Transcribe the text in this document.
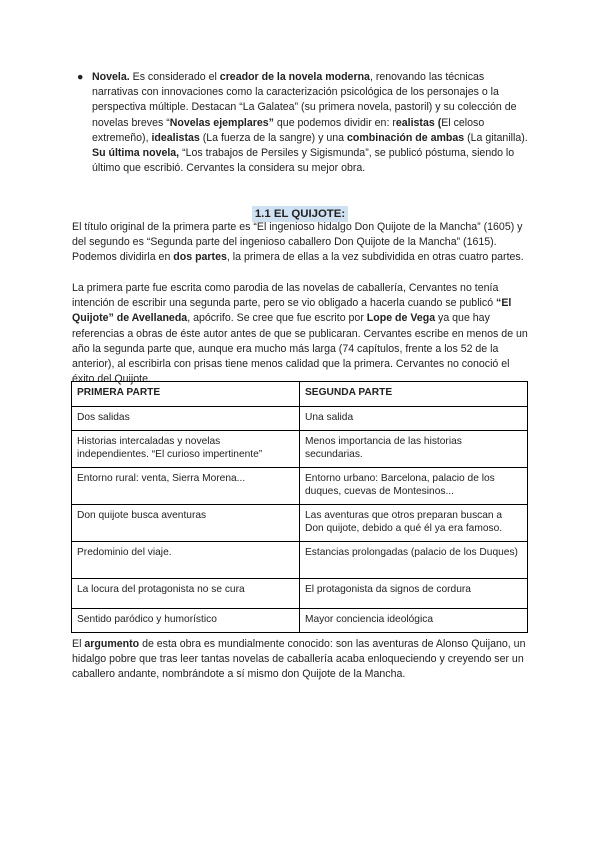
● Novela. Es considerado el creador de la novela moderna, renovando las técnicas narrativas con innovaciones como la caracterización psicológica de los personajes o la perspectiva múltiple. Destacan “La Galatea” (su primera novela, pastoril) y su colección de novelas breves “Novelas ejemplares” que podemos dividir en: realistas (El celoso extremeño), idealistas (La fuerza de la sangre) y una combinación de ambas (La gitanilla). Su última novela, “Los trabajos de Persiles y Sigismunda”, se publicó póstuma, siendo lo último que escribió. Cervantes la considera su mejor obra.
1.1 EL QUIJOTE:
El título original de la primera parte es “El ingenioso hidalgo Don Quijote de la Mancha” (1605) y del segundo es “Segunda parte del ingenioso caballero Don Quijote de la Mancha” (1615). Podemos dividirla en dos partes, la primera de ellas a la vez subdividida en otras cuatro partes.
La primera parte fue escrita como parodia de las novelas de caballería, Cervantes no tenía intención de escribir una segunda parte, pero se vio obligado a hacerla cuando se publicó “El Quijote” de Avellaneda, apócrifo. Se cree que fue escrito por Lope de Vega ya que hay referencias a obras de éste autor antes de que se publicaran. Cervantes escribe en menos de un año la segunda parte que, aunque era mucho más larga (74 capítulos, frente a los 52 de la anterior), al escribirla con prisas tiene menos calidad que la primera. Cervantes no conoció el éxito del Quijote.
PRIMERA PARTE	SEGUNDA PARTE
Dos salidas	Una salida
Historias intercaladas y novelas independientes. “El curioso impertinente”	Menos importancia de las historias secundarias.
Entorno rural: venta, Sierra Morena...	Entorno urbano: Barcelona, palacio de los duques, cuevas de Montesinos...
Don quijote busca aventuras	Las aventuras que otros preparan buscan a Don quijote, debido a qué él ya era famoso.
Predominio del viaje.	Estancias prolongadas (palacio de los Duques)
La locura del protagonista no se cura	El protagonista da signos de cordura
Sentido paródico y humorístico	Mayor conciencia ideológica
El argumento de esta obra es mundialmente conocido: son las aventuras de Alonso Quijano, un hidalgo pobre que tras leer tantas novelas de caballería acaba enloqueciendo y creyendo ser un caballero andante, nombrándote a sí mismo don Quijote de la Mancha.
